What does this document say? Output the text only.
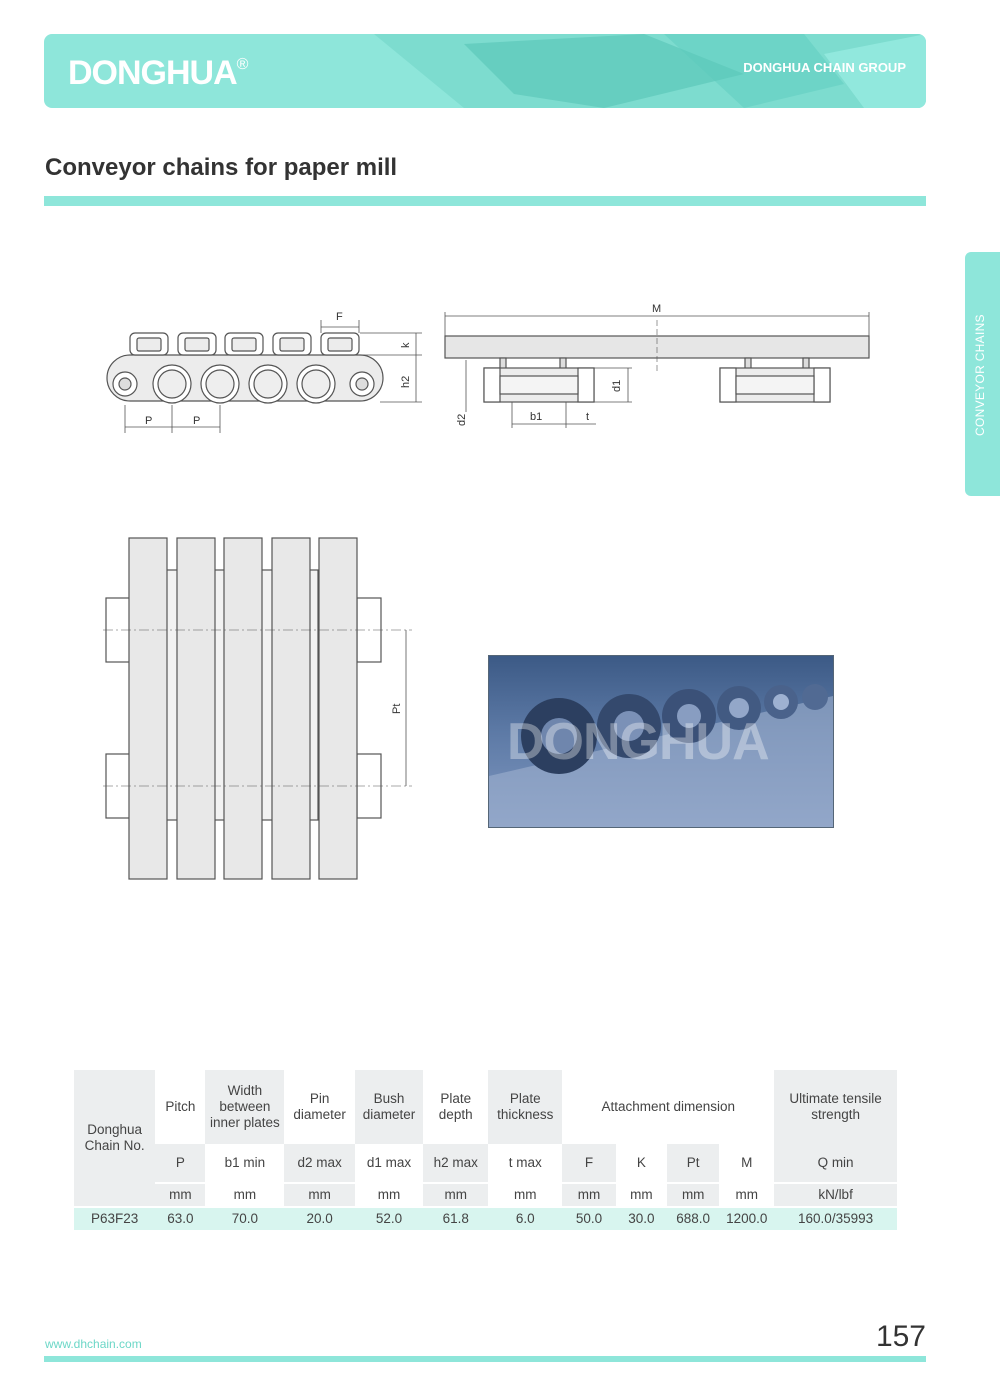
DONGHUA®	DONGHUA CHAIN GROUP
Conveyor chains for paper mill
CONVEYOR CHAINS
F
k
h2
P	P
M
d1
d2	b1	t
Pt
DONGHUA
Donghua
Chain No.	Pitch	Width between inner plates	Pin diameter	Bush diameter	Plate depth	Plate thickness	Attachment dimension				Ultimate tensile strength
	P	b1 min	d2 max	d1 max	h2 max	t max	F	K	Pt	M	Q min
	mm	mm	mm	mm	mm	mm	mm	mm	mm	mm	kN/lbf
P63F23	63.0	70.0	20.0	52.0	61.8	6.0	50.0	30.0	688.0	1200.0	160.0/35993
www.dhchain.com	157
